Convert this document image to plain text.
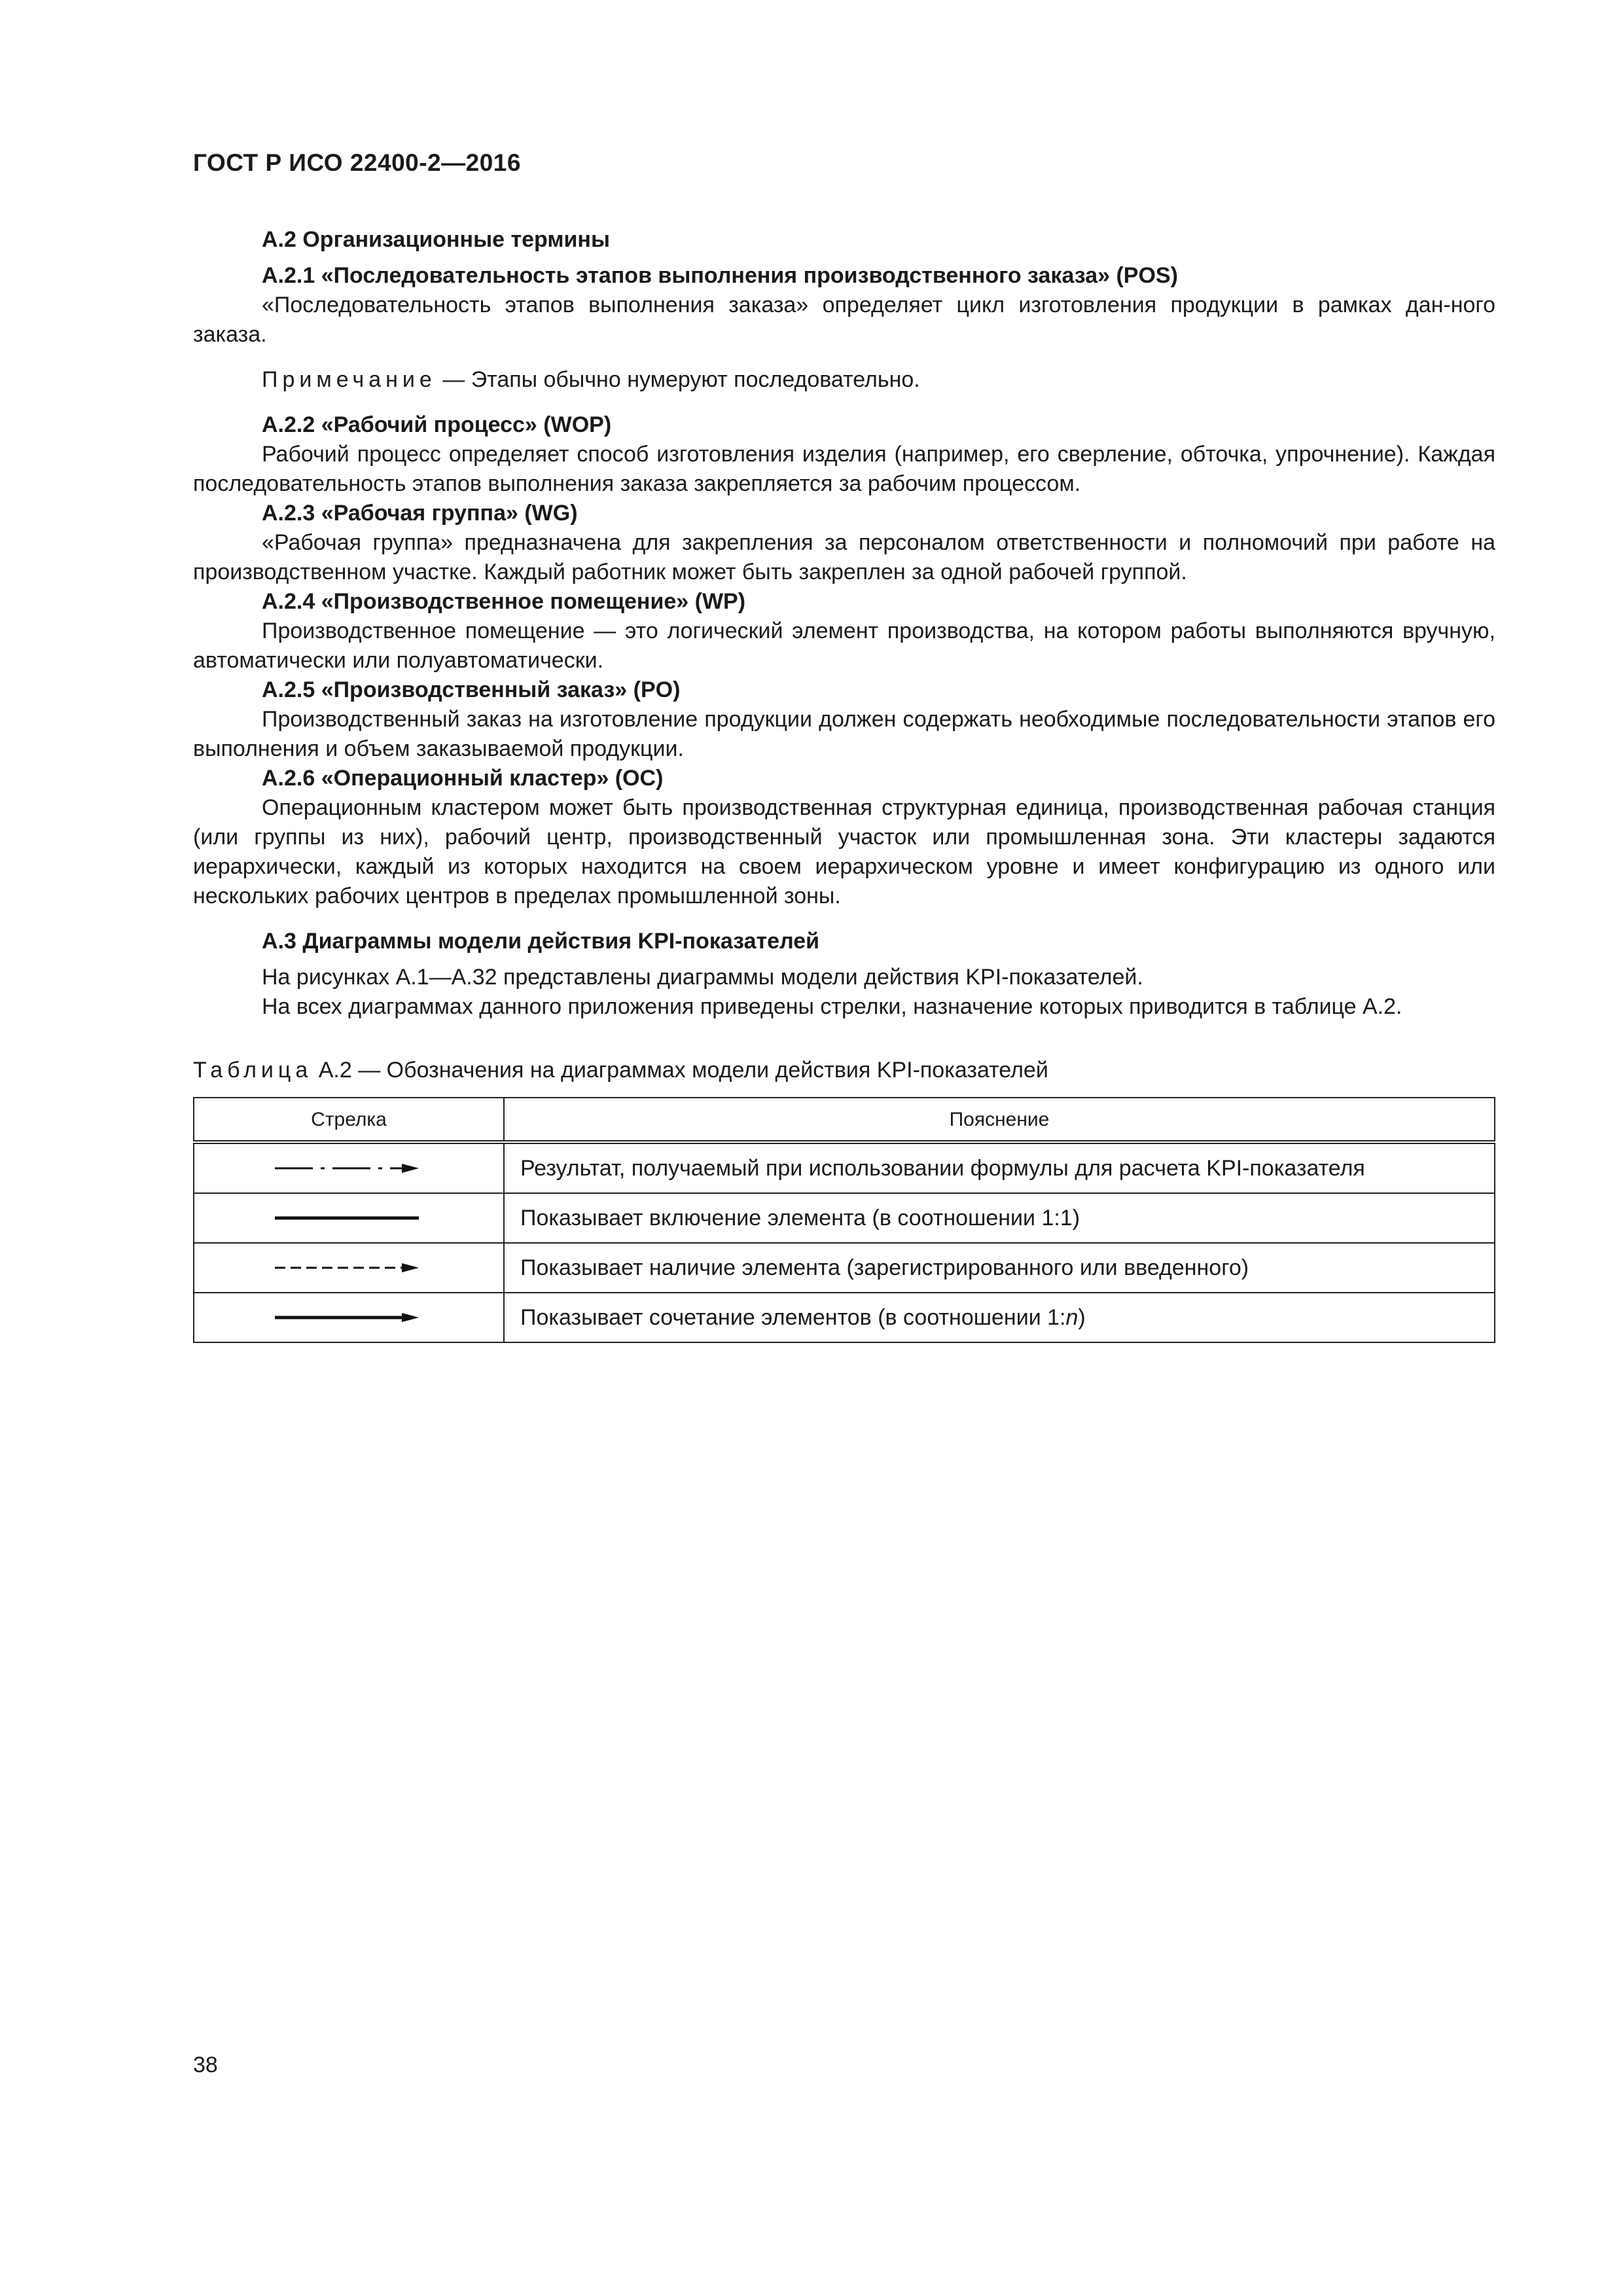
ГОСТ Р ИСО 22400-2—2016

А.2 Организационные термины

А.2.1 «Последовательность этапов выполнения производственного заказа» (POS)

«Последовательность этапов выполнения заказа» определяет цикл изготовления продукции в рамках дан-ного заказа.

Примечание — Этапы обычно нумеруют последовательно.

А.2.2 «Рабочий процесс» (WOP)

Рабочий процесс определяет способ изготовления изделия (например, его сверление, обточка, упрочнение). Каждая последовательность этапов выполнения заказа закрепляется за рабочим процессом.

А.2.3 «Рабочая группа» (WG)

«Рабочая группа» предназначена для закрепления за персоналом ответственности и полномочий при работе на производственном участке. Каждый работник может быть закреплен за одной рабочей группой.

А.2.4 «Производственное помещение» (WP)

Производственное помещение — это логический элемент производства, на котором работы выполняются вручную, автоматически или полуавтоматически.

А.2.5 «Производственный заказ» (PO)

Производственный заказ на изготовление продукции должен содержать необходимые последовательности этапов его выполнения и объем заказываемой продукции.

А.2.6 «Операционный кластер» (OC)

Операционным кластером может быть производственная структурная единица, производственная рабочая станция (или группы из них), рабочий центр, производственный участок или промышленная зона. Эти кластеры задаются иерархически, каждый из которых находится на своем иерархическом уровне и имеет конфигурацию из одного или нескольких рабочих центров в пределах промышленной зоны.

А.3 Диаграммы модели действия KPI-показателей

На рисунках А.1—А.32 представлены диаграммы модели действия KPI-показателей.

На всех диаграммах данного приложения приведены стрелки, назначение которых приводится в таблице А.2.

Таблица А.2 — Обозначения на диаграммах модели действия KPI-показателей
Стрелка	Пояснение

	Результат, получаемый при использовании формулы для расчета KPI-показателя

	Показывает включение элемента (в соотношении 1:1)

	Показывает наличие элемента (зарегистрированного или введенного)

	Показывает сочетание элементов (в соотношении 1:n)
38
